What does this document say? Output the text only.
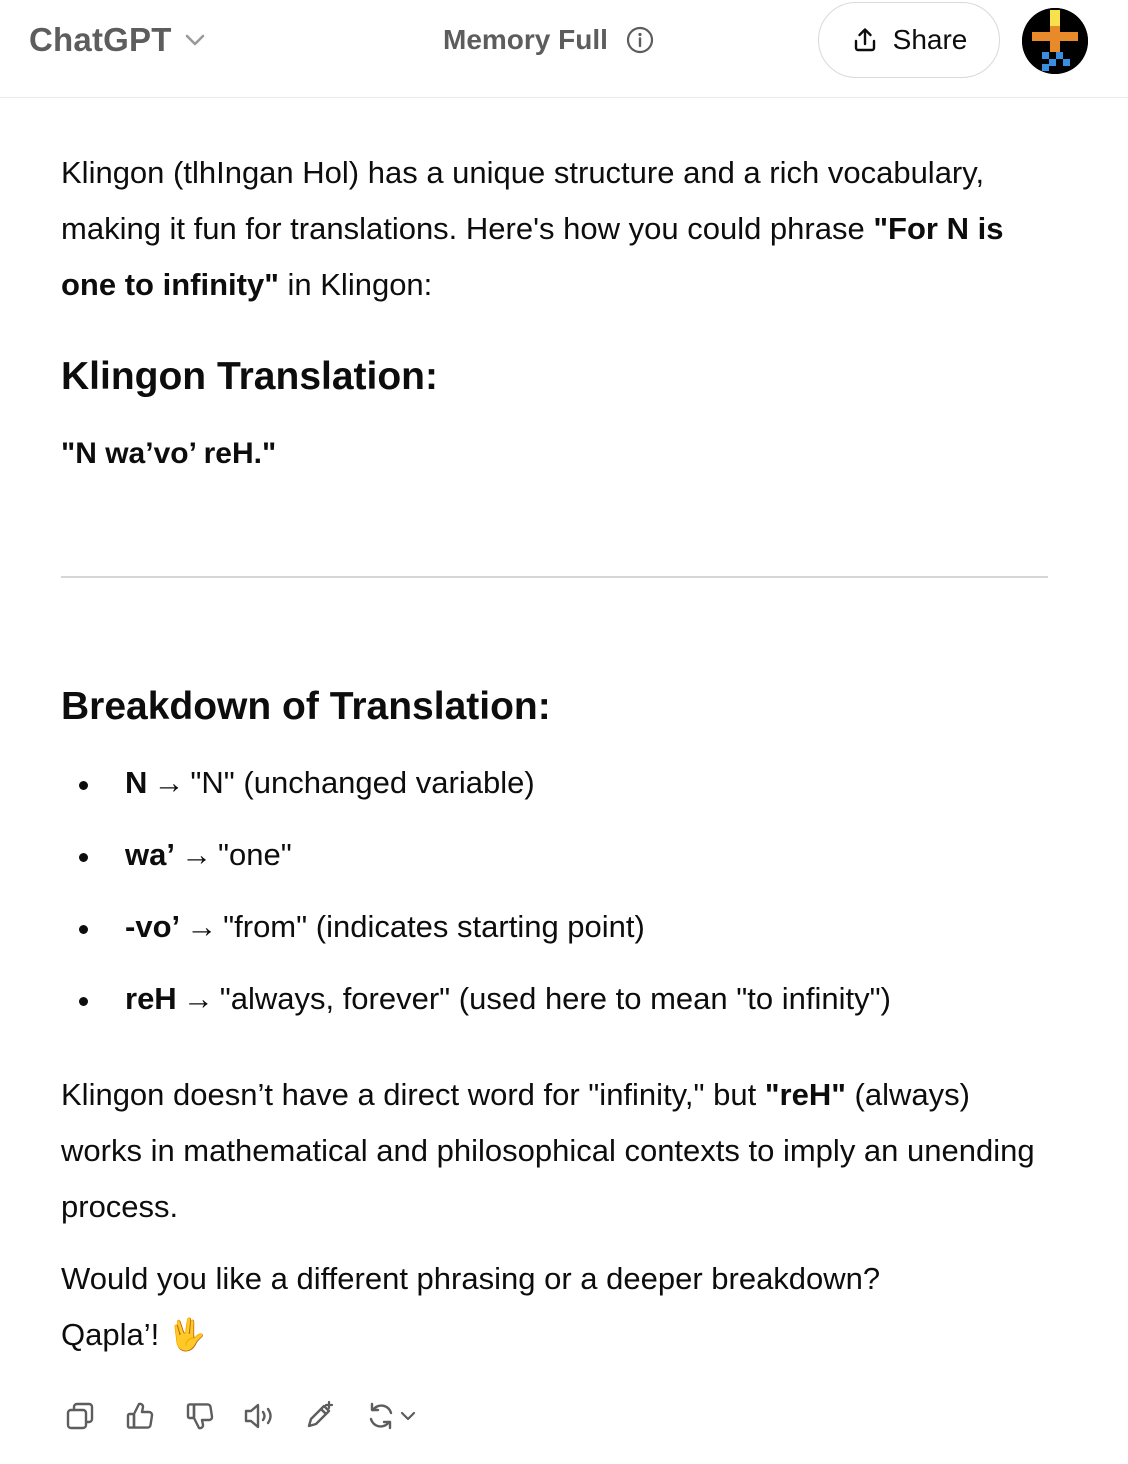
ChatGPT	Memory Full	Share

Klingon (tlhIngan Hol) has a unique structure and a rich vocabulary, making it fun for translations. Here's how you could phrase "For N is one to infinity" in Klingon:

Klingon Translation:

"N wa’vo’ reH."

Breakdown of Translation:
N → "N" (unchanged variable)
wa’ → "one"
-vo’ → "from" (indicates starting point)
reH → "always, forever" (used here to mean "to infinity")

Klingon doesn’t have a direct word for "infinity," but "reH" (always) works in mathematical and philosophical contexts to imply an unending process.

Would you like a different phrasing or a deeper breakdown?
Qapla’! 🖖
